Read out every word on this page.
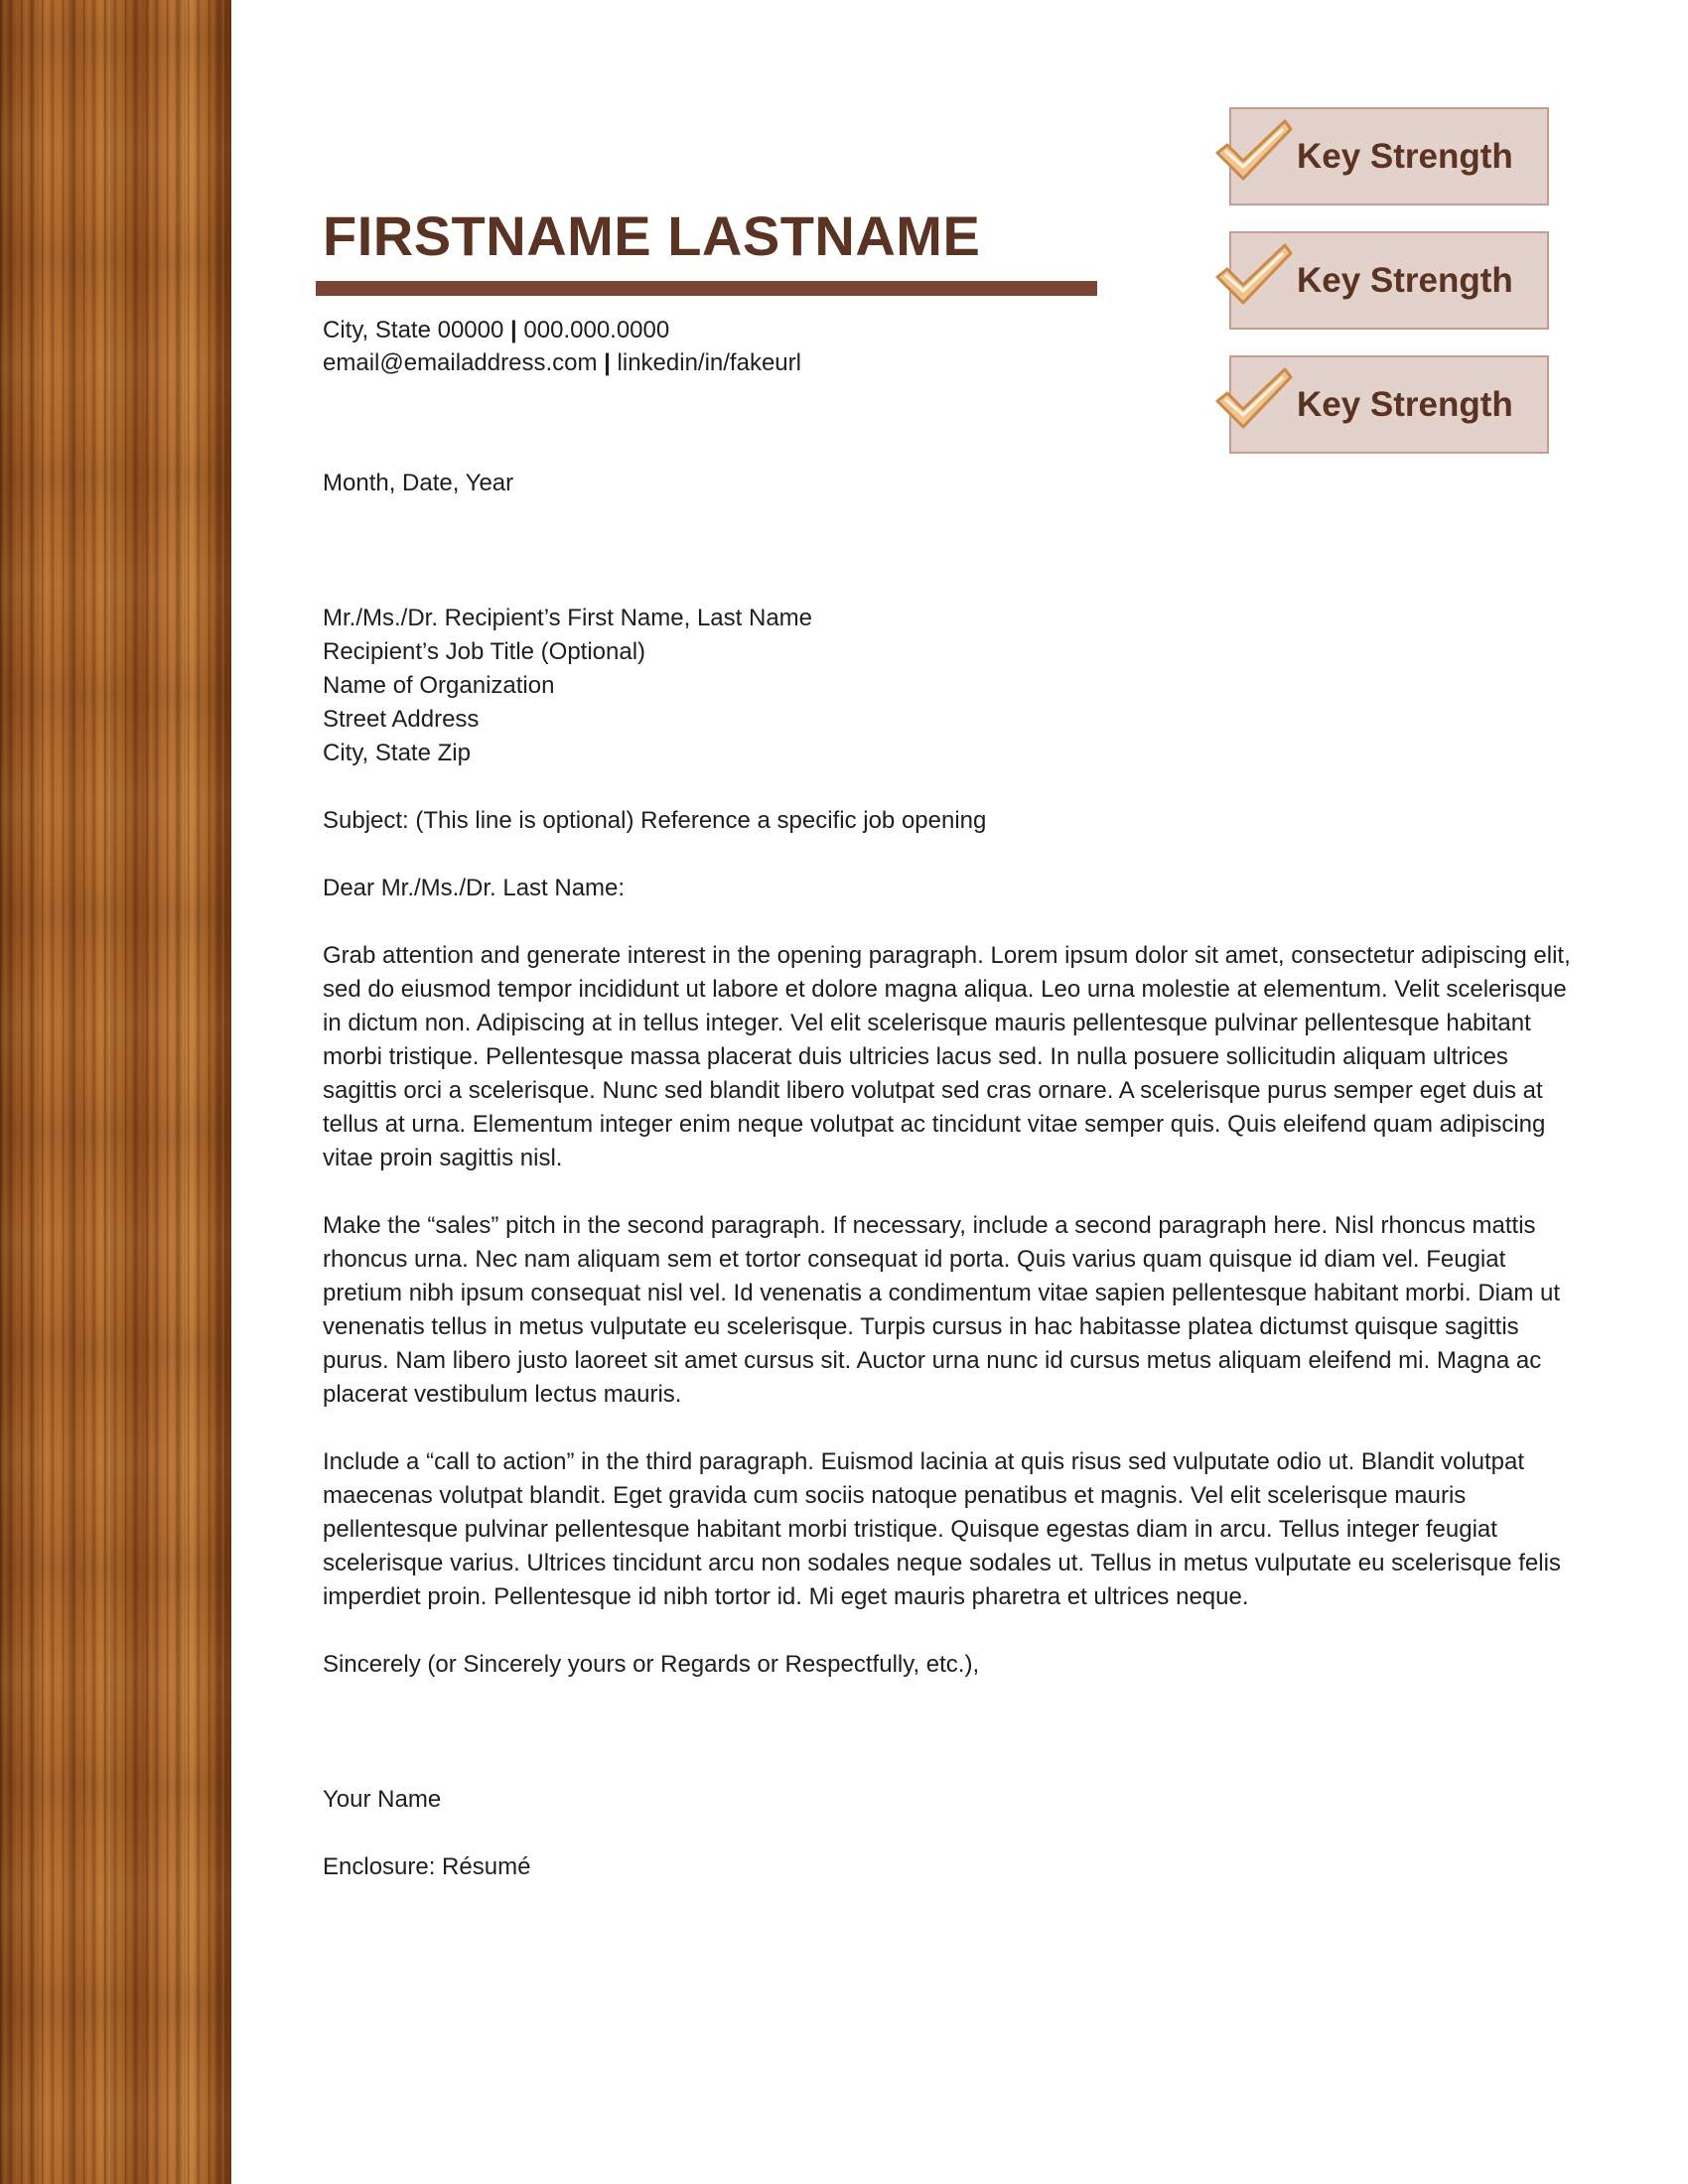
FIRSTNAME LASTNAME
City, State 00000 | 000.000.0000
email@emailaddress.com | linkedin/in/fakeurl
Key Strength
Key Strength
Key Strength

Month, Date, Year

Mr./Ms./Dr. Recipient’s First Name, Last Name

Recipient’s Job Title (Optional)

Name of Organization

Street Address

City, State Zip

Subject: (This line is optional) Reference a specific job opening

Dear Mr./Ms./Dr. Last Name:

Grab attention and generate interest in the opening paragraph. Lorem ipsum dolor sit amet, consectetur adipiscing elit, sed do eiusmod tempor incididunt ut labore et dolore magna aliqua. Leo urna molestie at elementum. Velit scelerisque in dictum non. Adipiscing at in tellus integer. Vel elit scelerisque mauris pellentesque pulvinar pellentesque habitant morbi tristique. Pellentesque massa placerat duis ultricies lacus sed. In nulla posuere sollicitudin aliquam ultrices sagittis orci a scelerisque. Nunc sed blandit libero volutpat sed cras ornare. A scelerisque purus semper eget duis at tellus at urna. Elementum integer enim neque volutpat ac tincidunt vitae semper quis. Quis eleifend quam adipiscing vitae proin sagittis nisl.

Make the “sales” pitch in the second paragraph. If necessary, include a second paragraph here. Nisl rhoncus mattis rhoncus urna. Nec nam aliquam sem et tortor consequat id porta. Quis varius quam quisque id diam vel. Feugiat pretium nibh ipsum consequat nisl vel. Id venenatis a condimentum vitae sapien pellentesque habitant morbi. Diam ut venenatis tellus in metus vulputate eu scelerisque. Turpis cursus in hac habitasse platea dictumst quisque sagittis purus. Nam libero justo laoreet sit amet cursus sit. Auctor urna nunc id cursus metus aliquam eleifend mi. Magna ac placerat vestibulum lectus mauris.

Include a “call to action” in the third paragraph. Euismod lacinia at quis risus sed vulputate odio ut. Blandit volutpat maecenas volutpat blandit. Eget gravida cum sociis natoque penatibus et magnis. Vel elit scelerisque mauris pellentesque pulvinar pellentesque habitant morbi tristique. Quisque egestas diam in arcu. Tellus integer feugiat scelerisque varius. Ultrices tincidunt arcu non sodales neque sodales ut. Tellus in metus vulputate eu scelerisque felis imperdiet proin. Pellentesque id nibh tortor id. Mi eget mauris pharetra et ultrices neque.

Sincerely (or Sincerely yours or Regards or Respectfully, etc.),

Your Name

Enclosure: Résumé
